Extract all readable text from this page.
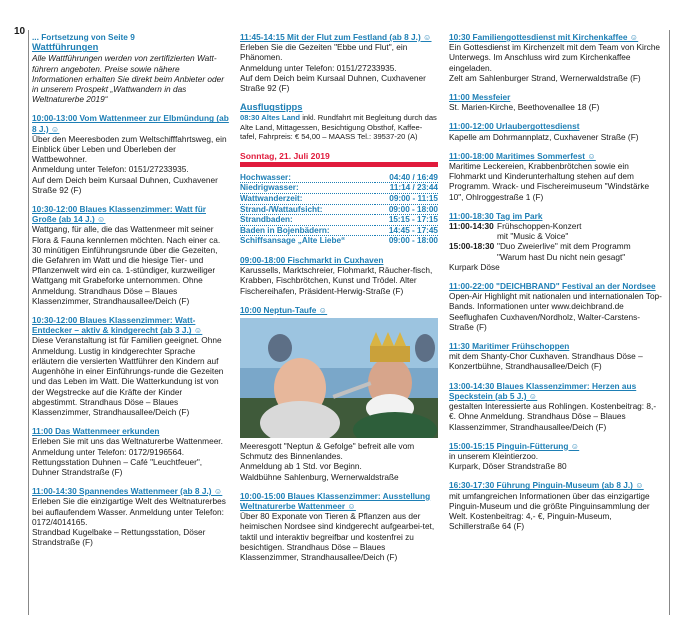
10 ... Fortsetzung von Seite 9
Wattführungen
Alle Wattführungen werden von zertifizierten Watt-führern angeboten. Preise sowie nähere Informationen erhalten Sie direkt beim Anbieter oder in unserem Prospekt „Wattwandern in das Weltnaturerbe 2019“
10:00-13:00 Vom Wattenmeer zur Elbmündung (ab 8 J.) ☺
Über den Meeresboden zum Weltschifffahrtsweg, ein Einblick über Leben und Überleben der Wattbewohner.
Anmeldung unter Telefon: 0151/27233935.
Auf dem Deich beim Kursaal Duhnen, Cuxhavener Straße 92 (F)
10:30-12:00 Blaues Klassenzimmer: Watt für Große (ab 14 J.) ☺
Wattgang, für alle, die das Wattenmeer mit seiner Flora & Fauna kennlernen möchten. Nach einer ca. 30 minütigen Einführungsrunde über die Gezeiten, die Gefahren im Watt und die hiesige Tier- und Pflanzenwelt wird ein ca. 1-stündiger, kurzweiliger Wattgang mit Grabeforke unternommen. Ohne Anmeldung. Strandhaus Döse – Blaues Klassenzimmer, Strandhausallee/Deich (F)
10:30-12:00 Blaues Klassenzimmer: Watt-Entdecker – aktiv & kindgerecht (ab 3 J.) ☺
Diese Veranstaltung ist für Familien geeignet. Ohne Anmeldung. Lustig in kindgerechter Sprache erläutern die versierten Wattführer den Kindern auf Augenhöhe in einer Einführungs-runde die Gezeiten und das Leben im Watt. Die Watterkundung ist von der Wegstrecke auf die Kräfte der Kinder abgestimmt. Strandhaus Döse – Blaues Klassenzimmer, Strandhausallee/Deich (F)
11:00 Das Wattenmeer erkunden
Erleben Sie mit uns das Weltnaturerbe Wattenmeer.
Anmeldung unter Telefon: 0172/9196564.
Rettungsstation Duhnen – Café "Leuchtfeuer", Duhner Strandstraße (F)
11:00-14:30 Spannendes Wattenmeer (ab 8 J.) ☺
Erleben Sie die einzigartige Welt des Weltnaturerbes bei auflaufendem Wasser. Anmeldung unter Telefon: 0172/4014165.
Strandbad Kugelbake – Rettungsstation, Döser Strandstraße (F)
11:45-14:15 Mit der Flut zum Festland (ab 8 J.) ☺
Erleben Sie die Gezeiten "Ebbe und Flut", ein Phänomen.
Anmeldung unter Telefon: 0151/27233935.
Auf dem Deich beim Kursaal Duhnen, Cuxhavener Straße 92 (F)
Ausflugstipps
08:30 Altes Land inkl. Rundfahrt mit Begleitung durch das Alte Land, Mittagessen, Besichtigung Obsthof, Kaffee-tafel, Fahrpreis: € 54,00 – MAASS Tel.: 39537-20 (A)
Sonntag, 21. Juli 2019
Hochwasser:	04:40 / 16:49
Niedrigwasser:	11:14 / 23:44
Wattwanderzeit:	09:00 - 11:15
Strand-/Wattaufsicht:	09:00 - 18:00
Strandbaden:	15:15 - 17:15
Baden in Bojenbädern:	14:45 - 17:45
Schiffsansage „Alte Liebe“	09:00 - 18:00
09:00-18:00 Fischmarkt in Cuxhaven
Karussells, Marktschreier, Flohmarkt, Räucher-fisch, Krabben, Fischbrötchen, Kunst und Trödel. Alter Fischereihafen, Präsident-Herwig-Straße (F)
10:00 Neptun-Taufe ☺
Meeresgott "Neptun & Gefolge" befreit alle vom Schmutz des Binnenlandes.
Anmeldung ab 1 Std. vor Beginn.
Waldbühne Sahlenburg, Wernerwaldstraße
10:00-15:00 Blaues Klassenzimmer: Ausstellung Weltnaturerbe Wattenmeer ☺
Über 80 Exponate von Tieren & Pflanzen aus der heimischen Nordsee sind kindgerecht aufgearbei-tet, taktil und interaktiv begreifbar und kostenfrei zu besichtigen. Strandhaus Döse – Blaues Klassenzimmer, Strandhausallee/Deich (F)
10:30 Familiengottesdienst mit Kirchenkaffee ☺
Ein Gottesdienst im Kirchenzelt mit dem Team von Kirche Unterwegs. Im Anschluss wird zum Kirchenkaffee eingeladen.
Zelt am Sahlenburger Strand, Wernerwaldstraße (F)
11:00 Messfeier
St. Marien-Kirche, Beethovenallee 18 (F)
11:00-12:00 Urlaubergottesdienst
Kapelle am Dohrmannplatz, Cuxhavener Straße (F)
11:00-18:00 Maritimes Sommerfest ☺
Maritime Leckereien, Krabbenbrötchen sowie ein Flohmarkt und Kinderunterhaltung stehen auf dem Programm. Wrack- und Fischereimuseum "Windstärke 10", Ohlroggestraße 1 (F)
11:00-18:30 Tag im Park
11:00-14:30 Frühschoppen-Konzert
mit "Music & Voice"
15:00-18:30 "Duo Zweierlive" mit dem Programm
"Warum hast Du nicht nein gesagt"
Kurpark Döse
11:00-22:00 "DEICHBRAND" Festival an der Nordsee
Open-Air Highlight mit nationalen und internationalen Top-Bands. Informationen unter www.deichbrand.de Seeflughafen Cuxhaven/Nordholz, Walter-Carstens-Straße (F)
11:30 Maritimer Frühschoppen
mit dem Shanty-Chor Cuxhaven. Strandhaus Döse – Konzertbühne, Strandhausallee/Deich (F)
13:00-14:30 Blaues Klassenzimmer: Herzen aus Speckstein (ab 5 J.) ☺
gestalten Interessierte aus Rohlingen. Kostenbeitrag: 8,- €. Ohne Anmeldung. Strandhaus Döse – Blaues Klassenzimmer, Strandhausallee/Deich (F)
15:00-15:15 Pinguin-Fütterung ☺
in unserem Kleintierzoo.
Kurpark, Döser Strandstraße 80
16:30-17:30 Führung Pinguin-Museum (ab 8 J.) ☺
mit umfangreichen Informationen über das einzigartige Pinguin-Museum und die größte Pinguinsammlung der Welt. Kostenbeitrag: 4,- €, Pinguin-Museum, Schillerstraße 64 (F)
